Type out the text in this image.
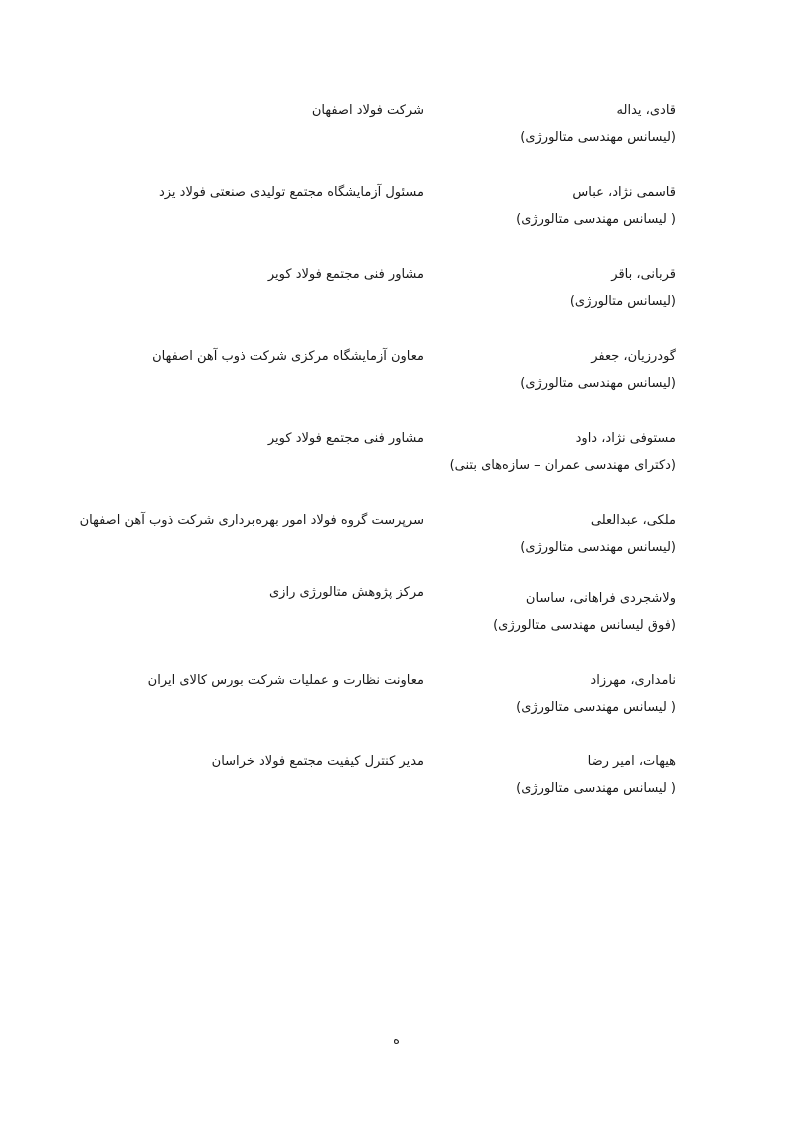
قادی، یداله
(لیسانس مهندسی متالورژی)
شرکت فولاد اصفهان
قاسمی نژاد، عباس
( لیسانس مهندسی متالورژی)
مسئول آزمایشگاه مجتمع تولیدی صنعتی فولاد یزد
قربانی، باقر
(لیسانس متالورژی)
مشاور فنی مجتمع فولاد کویر
گودرزیان، جعفر
(لیسانس مهندسی متالورژی)
معاون آزمایشگاه مرکزی شرکت ذوب آهن اصفهان
مستوفی نژاد، داود
(دکترای مهندسی عمران – سازه‌های بتنی)
مشاور فنی مجتمع فولاد کویر
ملکی، عبدالعلی
(لیسانس مهندسی متالورژی)
سرپرست گروه فولاد امور بهره‌برداری شرکت ذوب آهن اصفهان
ولاشجردی فراهانی، ساسان
(فوق لیسانس مهندسی متالورژی)
مرکز پژوهش متالورژی رازی
نامداری، مهرزاد
( لیسانس مهندسی متالورژی)
معاونت نظارت و عملیات شرکت بورس کالای ایران
هیهات، امیر رضا
( لیسانس مهندسی متالورژی)
مدیر کنترل کیفیت مجتمع فولاد خراسان
ه
